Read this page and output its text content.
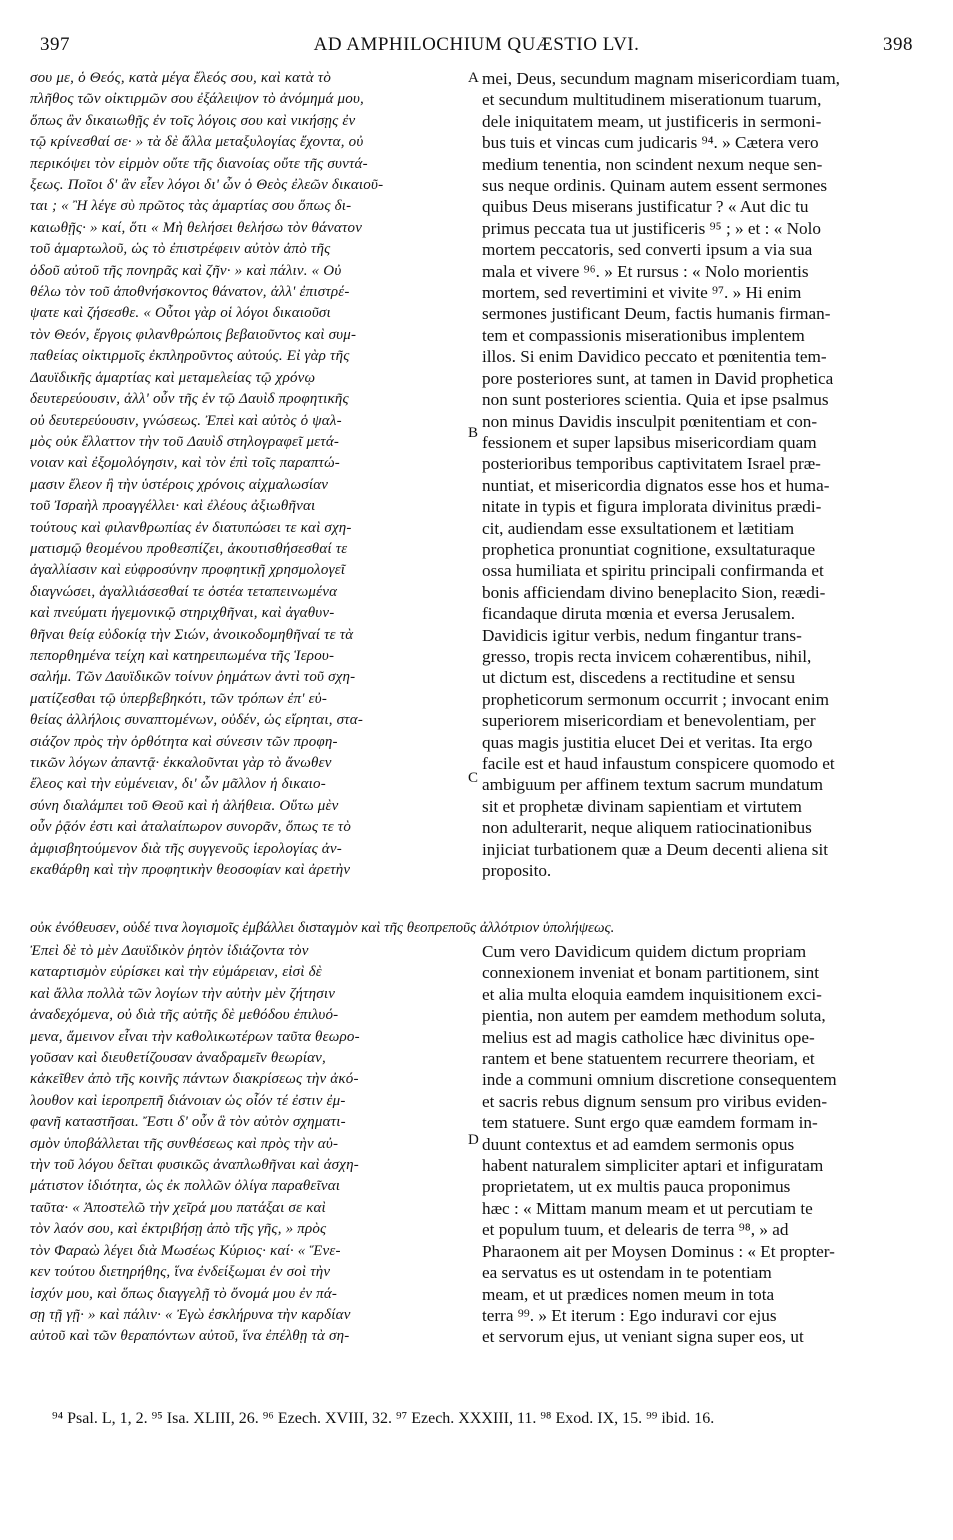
397	AD AMPHILOCHIUM QUÆSTIO LVI.	398
σου με, ὁ Θεός, κατὰ μέγα ἔλεός σου, καὶ κατὰ τὸ
πλῆθος τῶν οἰκτιρμῶν σου ἐξάλειψον τὸ ἀνόμημά μου,
ὅπως ἂν δικαιωθῇς ἐν τοῖς λόγοις σου καὶ νικήσῃς ἐν
τῷ κρίνεσθαί σε· » τὰ δὲ ἄλλα μεταξυλογίας ἔχοντα, οὐ
περικόψει τὸν εἱρμὸν οὔτε τῆς διανοίας οὔτε τῆς συντά-
ξεως. Ποῖοι δ' ἂν εἶεν λόγοι δι' ὧν ὁ Θεὸς ἐλεῶν δικαιοῦ-
ται ; « Ἢ λέγε σὺ πρῶτος τὰς ἁμαρτίας σου ὅπως δι-
καιωθῇς· » καί, ὅτι « Μὴ θελήσει θελήσω τὸν θάνατον
τοῦ ἁμαρτωλοῦ, ὡς τὸ ἐπιστρέφειν αὐτὸν ἀπὸ τῆς
ὁδοῦ αὐτοῦ τῆς πονηρᾶς καὶ ζῆν· » καὶ πάλιν. « Οὐ
θέλω τὸν τοῦ ἀποθνήσκοντος θάνατον, ἀλλ' ἐπιστρέ-
ψατε καὶ ζήσεσθε. « Οὗτοι γὰρ οἱ λόγοι δικαιοῦσι
τὸν Θεόν, ἔργοις φιλανθρώποις βεβαιοῦντος καὶ συμ-
παθείας οἰκτιρμοῖς ἐκπληροῦντος αὐτούς. Εἰ γὰρ τῆς
Δαυϊδικῆς ἁμαρτίας καὶ μεταμελείας τῷ χρόνῳ
δευτερεύουσιν, ἀλλ' οὖν τῆς ἐν τῷ Δαυὶδ προφητικῆς
οὐ δευτερεύουσιν, γνώσεως. Ἐπεὶ καὶ αὐτὸς ὁ ψαλ-
μὸς οὐκ ἔλλαττον τὴν τοῦ Δαυὶδ στηλογραφεῖ μετά-
νοιαν καὶ ἐξομολόγησιν, καὶ τὸν ἐπὶ τοῖς παραπτώ-
μασιν ἔλεον ἢ τὴν ὑστέροις χρόνοις αἰχμαλωσίαν
τοῦ Ἰσραὴλ προαγγέλλει· καὶ ἐλέους ἀξιωθῆναι
τούτους καὶ φιλανθρωπίας ἐν διατυπώσει τε καὶ σχη-
ματισμῷ θεομένου προθεσπίζει, ἀκουτισθήσεσθαί τε
ἀγαλλίασιν καὶ εὐφροσύνην προφητικῇ χρησμολογεῖ
διαγνώσει, ἀγαλλιάσεσθαί τε ὀστέα τεταπεινωμένα
καὶ πνεύματι ἡγεμονικῷ στηριχθῆναι, καὶ ἀγαθυν-
θῆναι θείᾳ εὐδοκίᾳ τὴν Σιών, ἀνοικοδομηθῆναί τε τὰ
πεπορθημένα τείχη καὶ κατηρειπωμένα τῆς Ἱερου-
σαλήμ. Τῶν Δαυϊδικῶν τοίνυν ῥημάτων ἀντὶ τοῦ σχη-
ματίζεσθαι τῷ ὑπερβεβηκότι, τῶν τρόπων ἐπ' εὐ-
θείας ἀλλήλοις συναπτομένων, οὐδέν, ὡς εἴρηται, στα-
σιάζον πρὸς τὴν ὀρθότητα καὶ σύνεσιν τῶν προφη-
τικῶν λόγων ἀπαντᾷ· ἐκκαλοῦνται γὰρ τὸ ἄνωθεν
ἔλεος καὶ τὴν εὐμένειαν, δι' ὧν μᾶλλον ἡ δικαιο-
σύνη διαλάμπει τοῦ Θεοῦ καὶ ἡ ἀλήθεια. Οὕτω μὲν
οὖν ῥᾷόν ἐστι καὶ ἀταλαίπωρον συνορᾶν, ὅπως τε τὸ
ἀμφισβητούμενον διὰ τῆς συγγενοῦς ἱερολογίας ἀν-
εκαθάρθη καὶ τὴν προφητικὴν θεοσοφίαν καὶ ἀρετὴν
mei, Deus, secundum magnam misericordiam tuam,
et secundum multitudinem miserationum tuarum,
dele iniquitatem meam, ut justificeris in sermoni-
bus tuis et vincas cum judicaris ⁹⁴. » Cætera vero
medium tenentia, non scindent nexum neque sen-
sus neque ordinis. Quinam autem essent sermones
quibus Deus miserans justificatur ? « Aut dic tu
primus peccata tua ut justificeris ⁹⁵ ; » et : « Nolo
mortem peccatoris, sed converti ipsum a via sua
mala et vivere ⁹⁶. » Et rursus : « Nolo morientis
mortem, sed revertimini et vivite ⁹⁷. » Hi enim
sermones justificant Deum, factis humanis firman-
tem et compassionis miserationibus implentem
illos. Si enim Davidico peccato et pœnitentia tem-
pore posteriores sunt, at tamen in David prophetica
non sunt posteriores scientia. Quia et ipse psalmus
non minus Davidis insculpit pœnitentiam et con-
fessionem et super lapsibus misericordiam quam
posterioribus temporibus captivitatem Israel præ-
nuntiat, et misericordia dignatos esse hos et huma-
nitate in typis et figura implorata divinitus prædi-
cit, audiendam esse exsultationem et lætitiam
prophetica pronuntiat cognitione, exsultaturaque
ossa humiliata et spiritu principali confirmanda et
bonis afficiendam divino beneplacito Sion, reædi-
ficandaque diruta mœnia et eversa Jerusalem.
Davidicis igitur verbis, nedum fingantur trans-
gresso, tropis recta invicem cohærentibus, nihil,
ut dictum est, discedens a rectitudine et sensu
propheticorum sermonum occurrit ; invocant enim
superiorem misericordiam et benevolentiam, per
quas magis justitia elucet Dei et veritas. Ita ergo
facile est et haud infaustum conspicere quomodo et
ambiguum per affinem textum sacrum mundatum
sit et prophetæ divinam sapientiam et virtutem
non adulterarit, neque aliquem ratiocinationibus
injiciat turbationem quæ a Deum decenti aliena sit
proposito.
A
B
C
D
οὐκ ἐνόθευσεν, οὐδέ τινα λογισμοῖς ἐμβάλλει δισταγμὸν καὶ τῆς θεοπρεποῦς ἀλλότριον ὑπολήψεως.
Ἐπεὶ δὲ τὸ μὲν Δαυϊδικὸν ῥητὸν ἰδιάζοντα τὸν
καταρτισμὸν εὑρίσκει καὶ τὴν εὐμάρειαν, εἰσὶ δὲ
καὶ ἄλλα πολλὰ τῶν λογίων τὴν αὐτὴν μὲν ζήτησιν
ἀναδεχόμενα, οὐ διὰ τῆς αὐτῆς δὲ μεθόδου ἐπιλυό-
μενα, ἄμεινον εἶναι τὴν καθολικωτέρων ταῦτα θεωρο-
γοῦσαν καὶ διευθετίζουσαν ἀναδραμεῖν θεωρίαν,
κἀκεῖθεν ἀπὸ τῆς κοινῆς πάντων διακρίσεως τὴν ἀκό-
λουθον καὶ ἱεροπρεπῆ διάνοιαν ὡς οἷόν τέ ἐστιν ἐμ-
φανῆ καταστῆσαι. Ἔστι δ' οὖν ἃ τὸν αὐτὸν σχηματι-
σμὸν ὑποβάλλεται τῆς συνθέσεως καὶ πρὸς τὴν αὐ-
τὴν τοῦ λόγου δεῖται φυσικῶς ἀναπλωθῆναι καὶ ἀσχη-
μάτιστον ἰδιότητα, ὡς ἐκ πολλῶν ὀλίγα παραθεῖναι
ταῦτα· « Ἀποστελῶ τὴν χεῖρά μου πατάξαι σε καὶ
τὸν λαόν σου, καὶ ἐκτριβήσῃ ἀπὸ τῆς γῆς, » πρὸς
τὸν Φαραὼ λέγει διὰ Μωσέως Κύριος· καί· « Ἕνε-
κεν τούτου διετηρήθης, ἵνα ἐνδείξωμαι ἐν σοὶ τὴν
ἰσχύν μου, καὶ ὅπως διαγγελῇ τὸ ὄνομά μου ἐν πά-
σῃ τῇ γῇ· » καὶ πάλιν· « Ἐγὼ ἐσκλήρυνα τὴν καρδίαν
αὐτοῦ καὶ τῶν θεραπόντων αὐτοῦ, ἵνα ἐπέλθῃ τὰ ση-
Cum vero Davidicum quidem dictum propriam
connexionem inveniat et bonam partitionem, sint
et alia multa eloquia eamdem inquisitionem exci-
pientia, non autem per eamdem methodum soluta,
melius est ad magis catholice hæc divinitus ope-
rantem et bene statuentem recurrere theoriam, et
inde a communi omnium discretione consequentem
et sacris rebus dignum sensum pro viribus eviden-
tem statuere. Sunt ergo quæ eamdem formam in-
duunt contextus et ad eamdem sermonis opus
habent naturalem simpliciter aptari et infiguratam
proprietatem, ut ex multis pauca proponimus
hæc : « Mittam manum meam et ut percutiam te
et populum tuum, et delearis de terra ⁹⁸, » ad
Pharaonem ait per Moysen Dominus : « Et propter-
ea servatus es ut ostendam in te potentiam
meam, et ut prædices nomen meum in tota
terra ⁹⁹. » Et iterum : Ego induravi cor ejus
et servorum ejus, ut veniant signa super eos, ut
⁹⁴ Psal. L, 1, 2. ⁹⁵ Isa. XLIII, 26. ⁹⁶ Ezech. XVIII, 32. ⁹⁷ Ezech. XXXIII, 11. ⁹⁸ Exod. IX, 15. ⁹⁹ ibid. 16.
